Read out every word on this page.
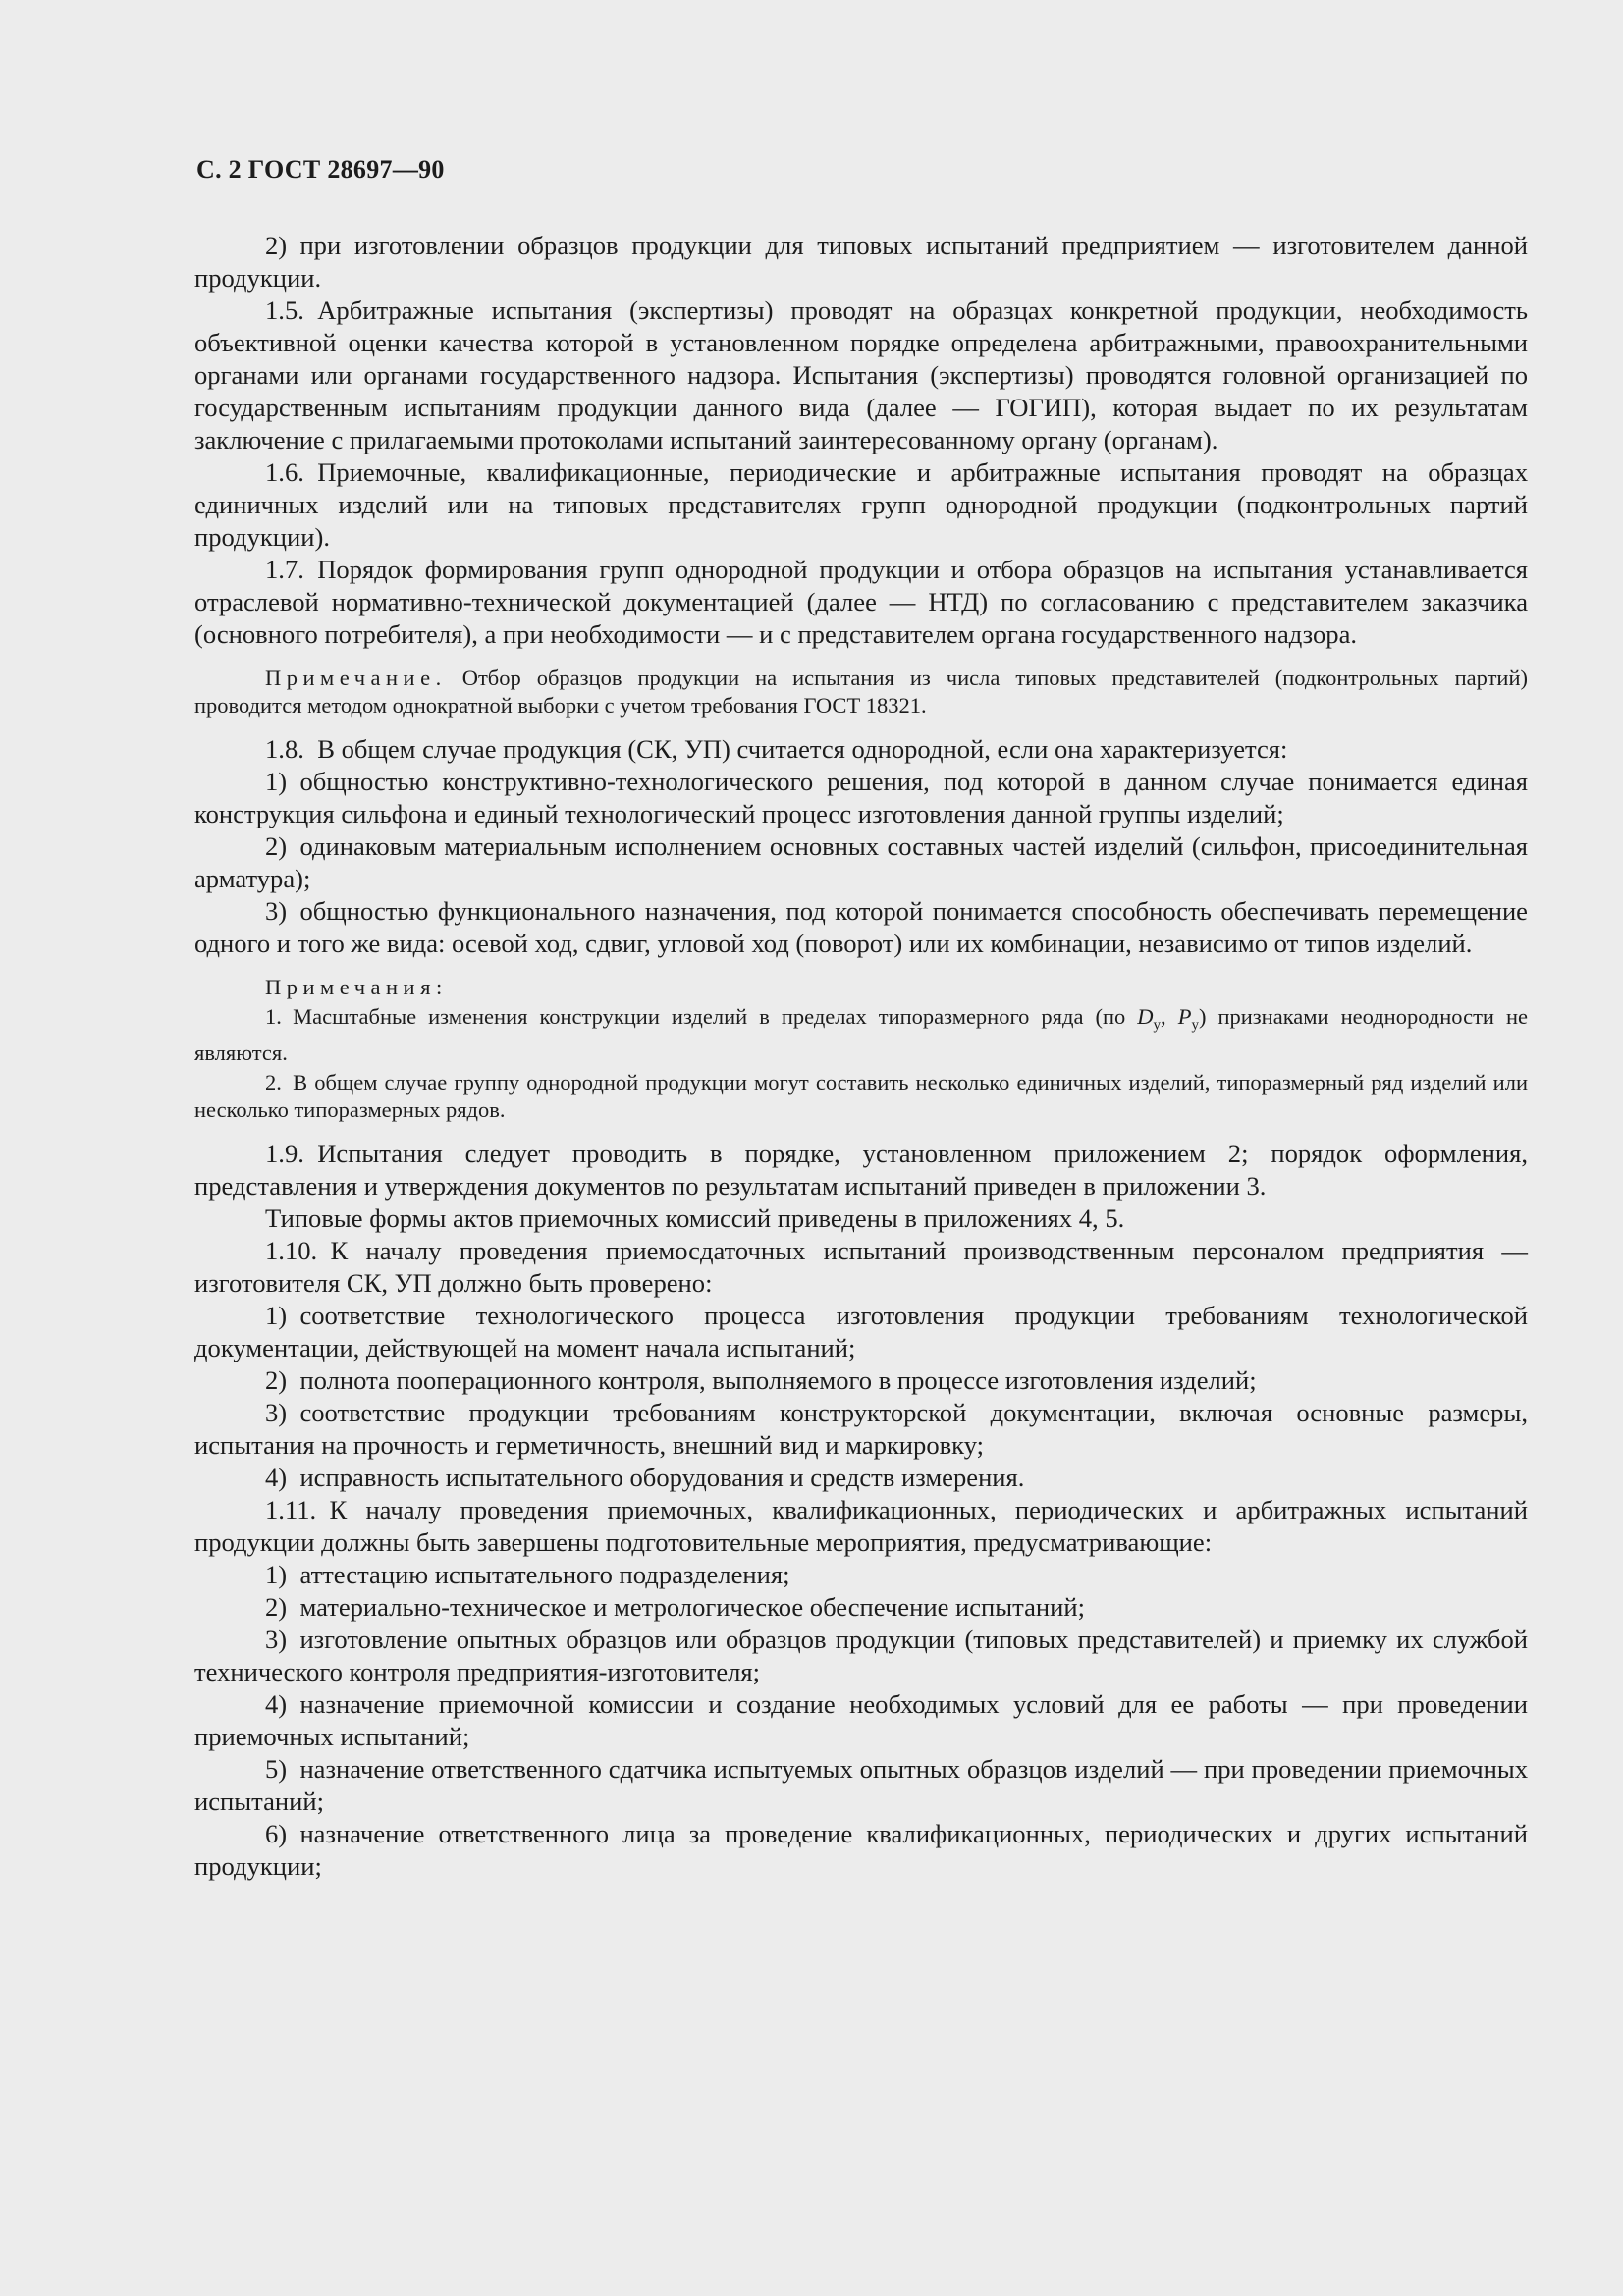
С. 2 ГОСТ 28697—90

2) при изготовлении образцов продукции для типовых испытаний предприятием — изготовителем данной продукции.

1.5. Арбитражные испытания (экспертизы) проводят на образцах конкретной продукции, необходимость объективной оценки качества которой в установленном порядке определена арбитражными, правоохранительными органами или органами государственного надзора. Испытания (экспертизы) проводятся головной организацией по государственным испытаниям продукции данного вида (далее — ГОГИП), которая выдает по их результатам заключение с прилагаемыми протоколами испытаний заинтересованному органу (органам).

1.6. Приемочные, квалификационные, периодические и арбитражные испытания проводят на образцах единичных изделий или на типовых представителях групп однородной продукции (подконтрольных партий продукции).

1.7. Порядок формирования групп однородной продукции и отбора образцов на испытания устанавливается отраслевой нормативно-технической документацией (далее — НТД) по согласованию с представителем заказчика (основного потребителя), а при необходимости — и с представителем органа государственного надзора.

Примечание. Отбор образцов продукции на испытания из числа типовых представителей (подконтрольных партий) проводится методом однократной выборки с учетом требования ГОСТ 18321.

1.8. В общем случае продукция (СК, УП) считается однородной, если она характеризуется:

1) общностью конструктивно-технологического решения, под которой в данном случае понимается единая конструкция сильфона и единый технологический процесс изготовления данной группы изделий;

2) одинаковым материальным исполнением основных составных частей изделий (сильфон, присоединительная арматура);

3) общностью функционального назначения, под которой понимается способность обеспечивать перемещение одного и того же вида: осевой ход, сдвиг, угловой ход (поворот) или их комбинации, независимо от типов изделий.

Примечания:

1. Масштабные изменения конструкции изделий в пределах типоразмерного ряда (по $D_y$, $P_y$) признаками неоднородности не являются.

2. В общем случае группу однородной продукции могут составить несколько единичных изделий, типоразмерный ряд изделий или несколько типоразмерных рядов.

1.9. Испытания следует проводить в порядке, установленном приложением 2; порядок оформления, представления и утверждения документов по результатам испытаний приведен в приложении 3.

Типовые формы актов приемочных комиссий приведены в приложениях 4, 5.

1.10. К началу проведения приемосдаточных испытаний производственным персоналом предприятия — изготовителя СК, УП должно быть проверено:

1) соответствие технологического процесса изготовления продукции требованиям технологической документации, действующей на момент начала испытаний;

2) полнота пооперационного контроля, выполняемого в процессе изготовления изделий;

3) соответствие продукции требованиям конструкторской документации, включая основные размеры, испытания на прочность и герметичность, внешний вид и маркировку;

4) исправность испытательного оборудования и средств измерения.

1.11. К началу проведения приемочных, квалификационных, периодических и арбитражных испытаний продукции должны быть завершены подготовительные мероприятия, предусматривающие:

1) аттестацию испытательного подразделения;

2) материально-техническое и метрологическое обеспечение испытаний;

3) изготовление опытных образцов или образцов продукции (типовых представителей) и приемку их службой технического контроля предприятия-изготовителя;

4) назначение приемочной комиссии и создание необходимых условий для ее работы — при проведении приемочных испытаний;

5) назначение ответственного сдатчика испытуемых опытных образцов изделий — при проведении приемочных испытаний;

6) назначение ответственного лица за проведение квалификационных, периодических и других испытаний продукции;
